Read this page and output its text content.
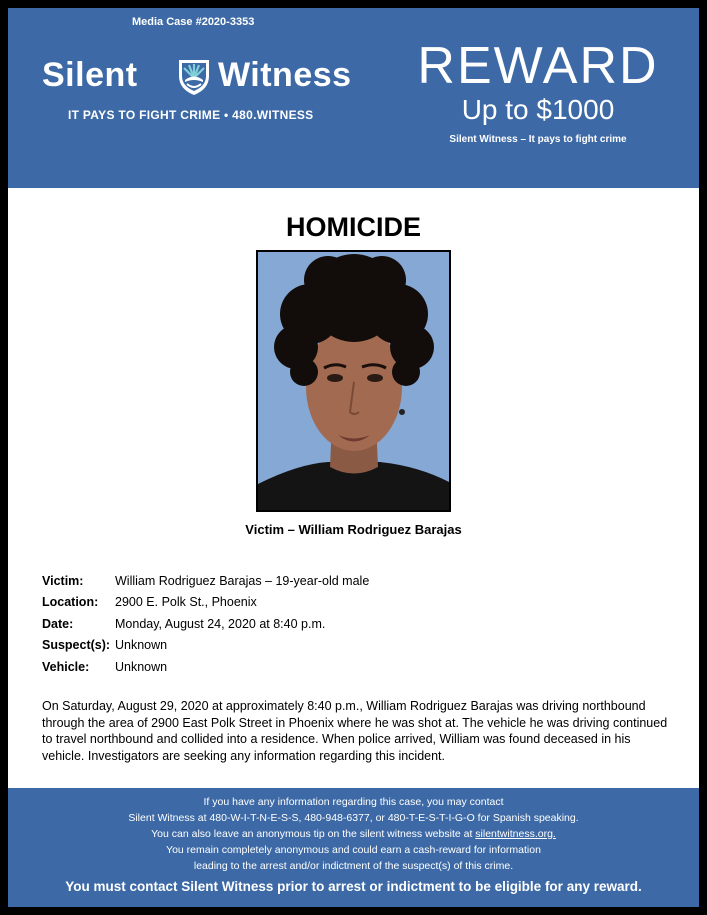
Media Case #2020-3353
Silent Witness
IT PAYS TO FIGHT CRIME • 480.WITNESS
REWARD
Up to $1000
Silent Witness – It pays to fight crime
HOMICIDE
Victim – William Rodriguez Barajas
Victim:	William Rodriguez Barajas – 19-year-old male
Location: 2900 E. Polk St., Phoenix
Date:	Monday, August 24, 2020 at 8:40 p.m.
Suspect(s): Unknown
Vehicle: Unknown
On Saturday, August 29, 2020 at approximately 8:40 p.m., William Rodriguez Barajas was driving northbound through the area of 2900 East Polk Street in Phoenix where he was shot at. The vehicle he was driving continued to travel northbound and collided into a residence. When police arrived, William was found deceased in his vehicle. Investigators are seeking any information regarding this incident.
If you have any information regarding this case, you may contact
Silent Witness at 480-W-I-T-N-E-S-S, 480-948-6377, or 480-T-E-S-T-I-G-O for Spanish speaking.
You can also leave an anonymous tip on the silent witness website at silentwitness.org.
You remain completely anonymous and could earn a cash-reward for information
leading to the arrest and/or indictment of the suspect(s) of this crime.
You must contact Silent Witness prior to arrest or indictment to be eligible for any reward.
